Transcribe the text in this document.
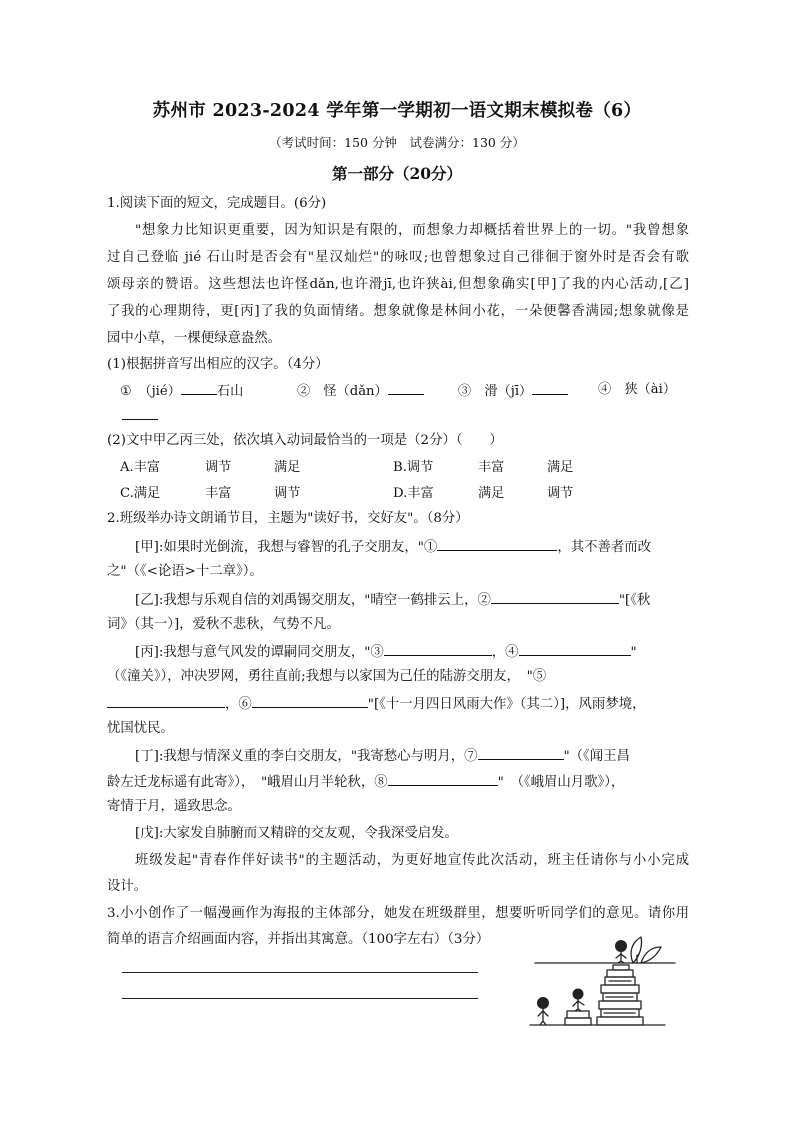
苏州市 2023-2024 学年第一学期初一语文期末模拟卷（6）
（考试时间：150 分钟　试卷满分：130 分）
第一部分（20分）
1.阅读下面的短文，完成题目。(6分)
"想象力比知识更重要，因为知识是有限的，而想象力却概括着世界上的一切。"我曾想象
过自己登临 jié 石山时是否会有"星汉灿烂"的咏叹;也曾想象过自己徘徊于窗外时是否会有歌
颂母亲的赞语。这些想法也许怪dǎn,也许滑jī,也许狭ài,但想象确实[甲]了我的内心活动,[乙]
了我的心理期待，更[丙]了我的负面情绪。想象就像是林间小花，一朵便馨香满园;想象就像是
园中小草，一棵便绿意盎然。
(1)根据拼音写出相应的汉字。（4分）
①　（jié）	石山	②　怪（dǎn）	③　滑（jī）	④　狭（ài）
(2)文中甲乙丙三处，依次填入动词最恰当的一项是（2分）（　　）
A.丰富	调节	满足	B.调节	丰富	满足
C.满足	丰富	调节	D.丰富	满足	调节
2.班级举办诗文朗诵节目，主题为"读好书，交好友"。（8分）
[甲]:如果时光倒流，我想与睿智的孔子交朋友，"①	，其不善者而改
之"（《<论语>十二章》）。
[乙]:我想与乐观自信的刘禹锡交朋友，"晴空一鹤排云上，②	"[《秋
词》（其一）]，爱秋不悲秋，气势不凡。
[丙]:我想与意气风发的谭嗣同交朋友，"③	，④	"
（《潼关》），冲决罗网，勇往直前;我想与以家国为己任的陆游交朋友，　"⑤
，⑥	"[《十一月四日风雨大作》（其二）]，风雨梦境，
忧国忧民。
[丁]:我想与情深义重的李白交朋友，"我寄愁心与明月，⑦	"（《闻王昌
龄左迁龙标遥有此寄》），　"峨眉山月半轮秋，⑧	"　（《峨眉山月歌》），
寄情于月，遥致思念。
[戊]:大家发自肺腑而又精辟的交友观，令我深受启发。
班级发起"青春作伴好读书"的主题活动，为更好地宣传此次活动，班主任请你与小小完成
设计。
3.小小创作了一幅漫画作为海报的主体部分，她发在班级群里，想要听听同学们的意见。请你用
简单的语言介绍画面内容，并指出其寓意。（100字左右）（3分）
